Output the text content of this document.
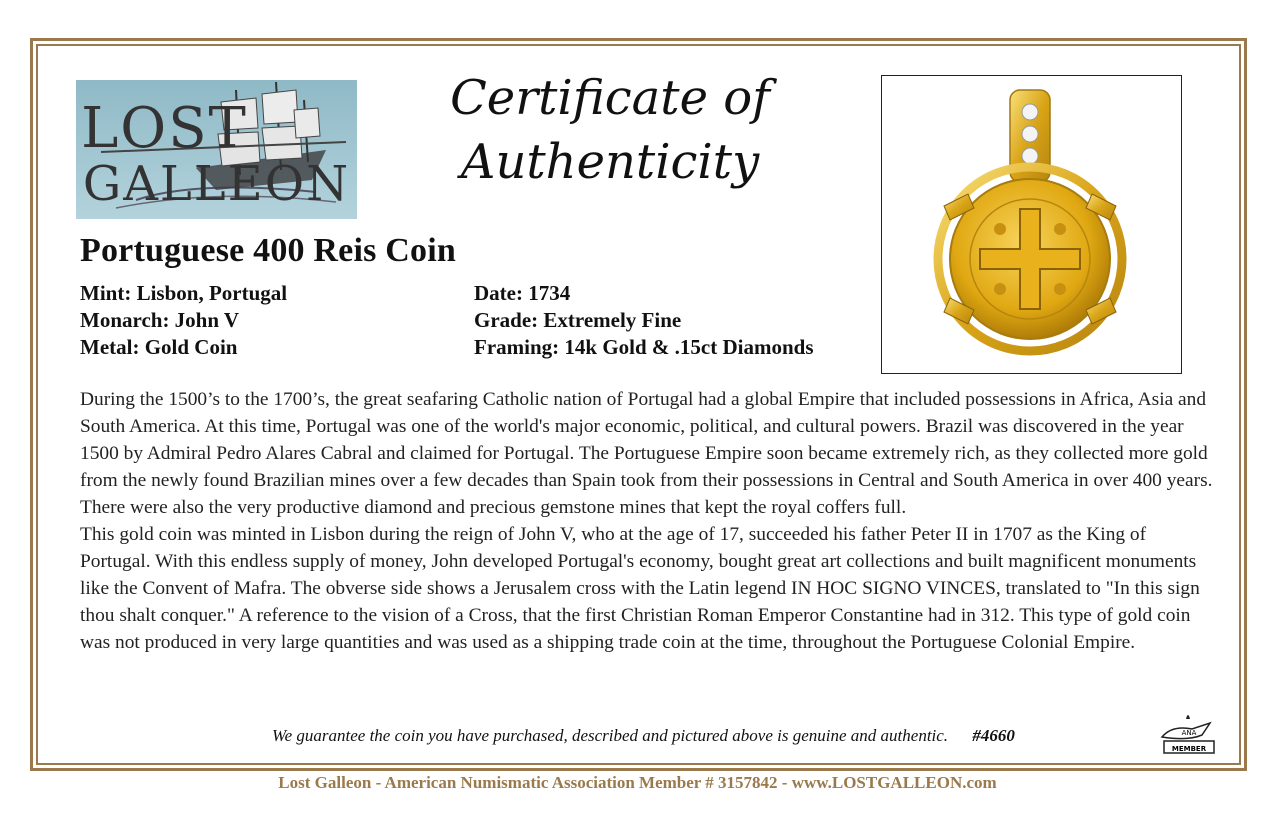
LOST
GALLEON
Certificate of
Authenticity
Portuguese 400 Reis Coin
Mint: Lisbon, Portugal
Monarch: John V
Metal: Gold Coin
Date: 1734
Grade: Extremely Fine
Framing: 14k Gold & .15ct Diamonds

During the 1500’s to the 1700’s, the great seafaring Catholic nation of Portugal had a global Empire that included possessions in Africa, Asia and South America. At this time, Portugal was one of the world's major economic, political, and cultural powers. Brazil was discovered in the year 1500 by Admiral Pedro Alares Cabral and claimed for Portugal. The Portuguese Empire soon became extremely rich, as they collected more gold from the newly found Brazilian mines over a few decades than Spain took from their possessions in Central and South America in over 400 years. There were also the very productive diamond and precious gemstone mines that kept the royal coffers full.

This gold coin was minted in Lisbon during the reign of John V, who at the age of 17, succeeded his father Peter II in 1707 as the King of Portugal. With this endless supply of money, John developed Portugal's economy, bought great art collections and built magnificent monuments like the Convent of Mafra. The obverse side shows a Jerusalem cross with the Latin legend IN HOC SIGNO VINCES, translated to "In this sign thou shalt conquer." A reference to the vision of a Cross, that the first Christian Roman Emperor Constantine had in 312. This type of gold coin was not produced in very large quantities and was used as a shipping trade coin at the time, throughout the Portuguese Colonial Empire.

We guarantee the coin you have purchased, described and pictured above is genuine and authentic. #4660	ANA
MEMBER
Lost Galleon - American Numismatic Association Member # 3157842 - www.LOSTGALLEON.com
